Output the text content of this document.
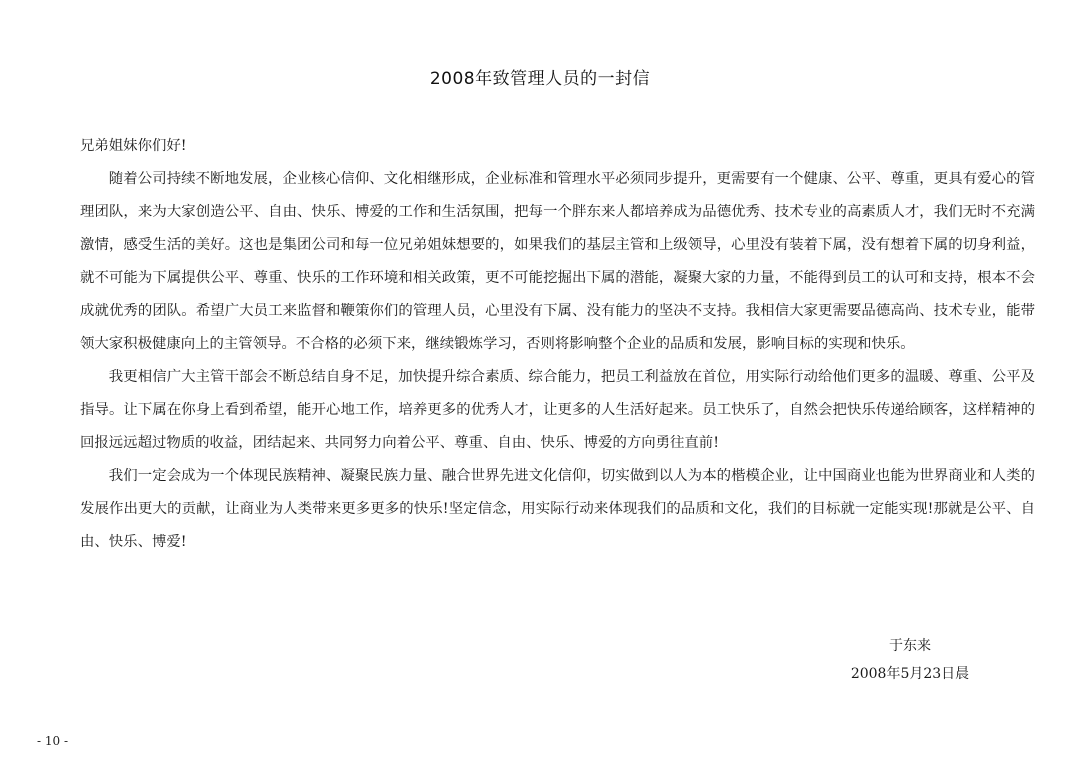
2008年致管理人员的一封信

兄弟姐妹你们好!

随着公司持续不断地发展，企业核心信仰、文化相继形成，企业标准和管理水平必须同步提升，更需要有一个健康、公平、尊重，更具有爱心的管理团队，来为大家创造公平、自由、快乐、博爱的工作和生活氛围，把每一个胖东来人都培养成为品德优秀、技术专业的高素质人才，我们无时不充满激情，感受生活的美好。这也是集团公司和每一位兄弟姐妹想要的，如果我们的基层主管和上级领导，心里没有装着下属，没有想着下属的切身利益，就不可能为下属提供公平、尊重、快乐的工作环境和相关政策，更不可能挖掘出下属的潜能，凝聚大家的力量，不能得到员工的认可和支持，根本不会成就优秀的团队。希望广大员工来监督和鞭策你们的管理人员，心里没有下属、没有能力的坚决不支持。我相信大家更需要品德高尚、技术专业，能带领大家积极健康向上的主管领导。不合格的必须下来，继续锻炼学习，否则将影响整个企业的品质和发展，影响目标的实现和快乐。

我更相信广大主管干部会不断总结自身不足，加快提升综合素质、综合能力，把员工利益放在首位，用实际行动给他们更多的温暖、尊重、公平及指导。让下属在你身上看到希望，能开心地工作，培养更多的优秀人才，让更多的人生活好起来。员工快乐了，自然会把快乐传递给顾客，这样精神的回报远远超过物质的收益，团结起来、共同努力向着公平、尊重、自由、快乐、博爱的方向勇往直前!

我们一定会成为一个体现民族精神、凝聚民族力量、融合世界先进文化信仰，切实做到以人为本的楷模企业，让中国商业也能为世界商业和人类的发展作出更大的贡献，让商业为人类带来更多更多的快乐!坚定信念，用实际行动来体现我们的品质和文化，我们的目标就一定能实现!那就是公平、自由、快乐、博爱!

于东来
2008年5月23日晨
- 10 -
